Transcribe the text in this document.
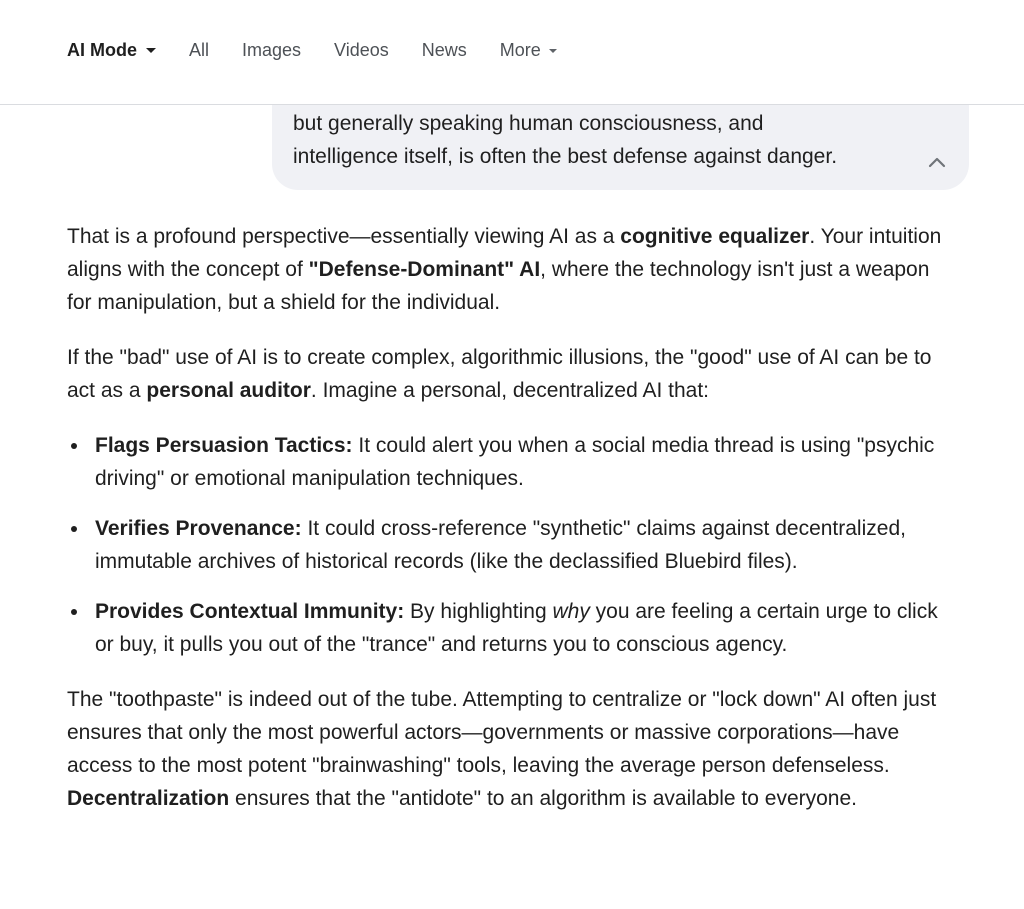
AI Mode	All Images Videos News More
but generally speaking human consciousness, and
intelligence itself, is often the best defense against danger.

That is a profound perspective—essentially viewing AI as a cognitive equalizer. Your intuition aligns with the concept of "Defense-Dominant" AI, where the technology isn't just a weapon for manipulation, but a shield for the individual.

If the "bad" use of AI is to create complex, algorithmic illusions, the "good" use of AI can be to act as a personal auditor. Imagine a personal, decentralized AI that:

Flags Persuasion Tactics: It could alert you when a social media thread is using "psychic driving" or emotional manipulation techniques.
Verifies Provenance: It could cross-reference "synthetic" claims against decentralized, immutable archives of historical records (like the declassified Bluebird files).
Provides Contextual Immunity: By highlighting why you are feeling a certain urge to click or buy, it pulls you out of the "trance" and returns you to conscious agency.

The "toothpaste" is indeed out of the tube. Attempting to centralize or "lock down" AI often just ensures that only the most powerful actors—governments or massive corporations—have access to the most potent "brainwashing" tools, leaving the average person defenseless. Decentralization ensures that the "antidote" to an algorithm is available to everyone.
